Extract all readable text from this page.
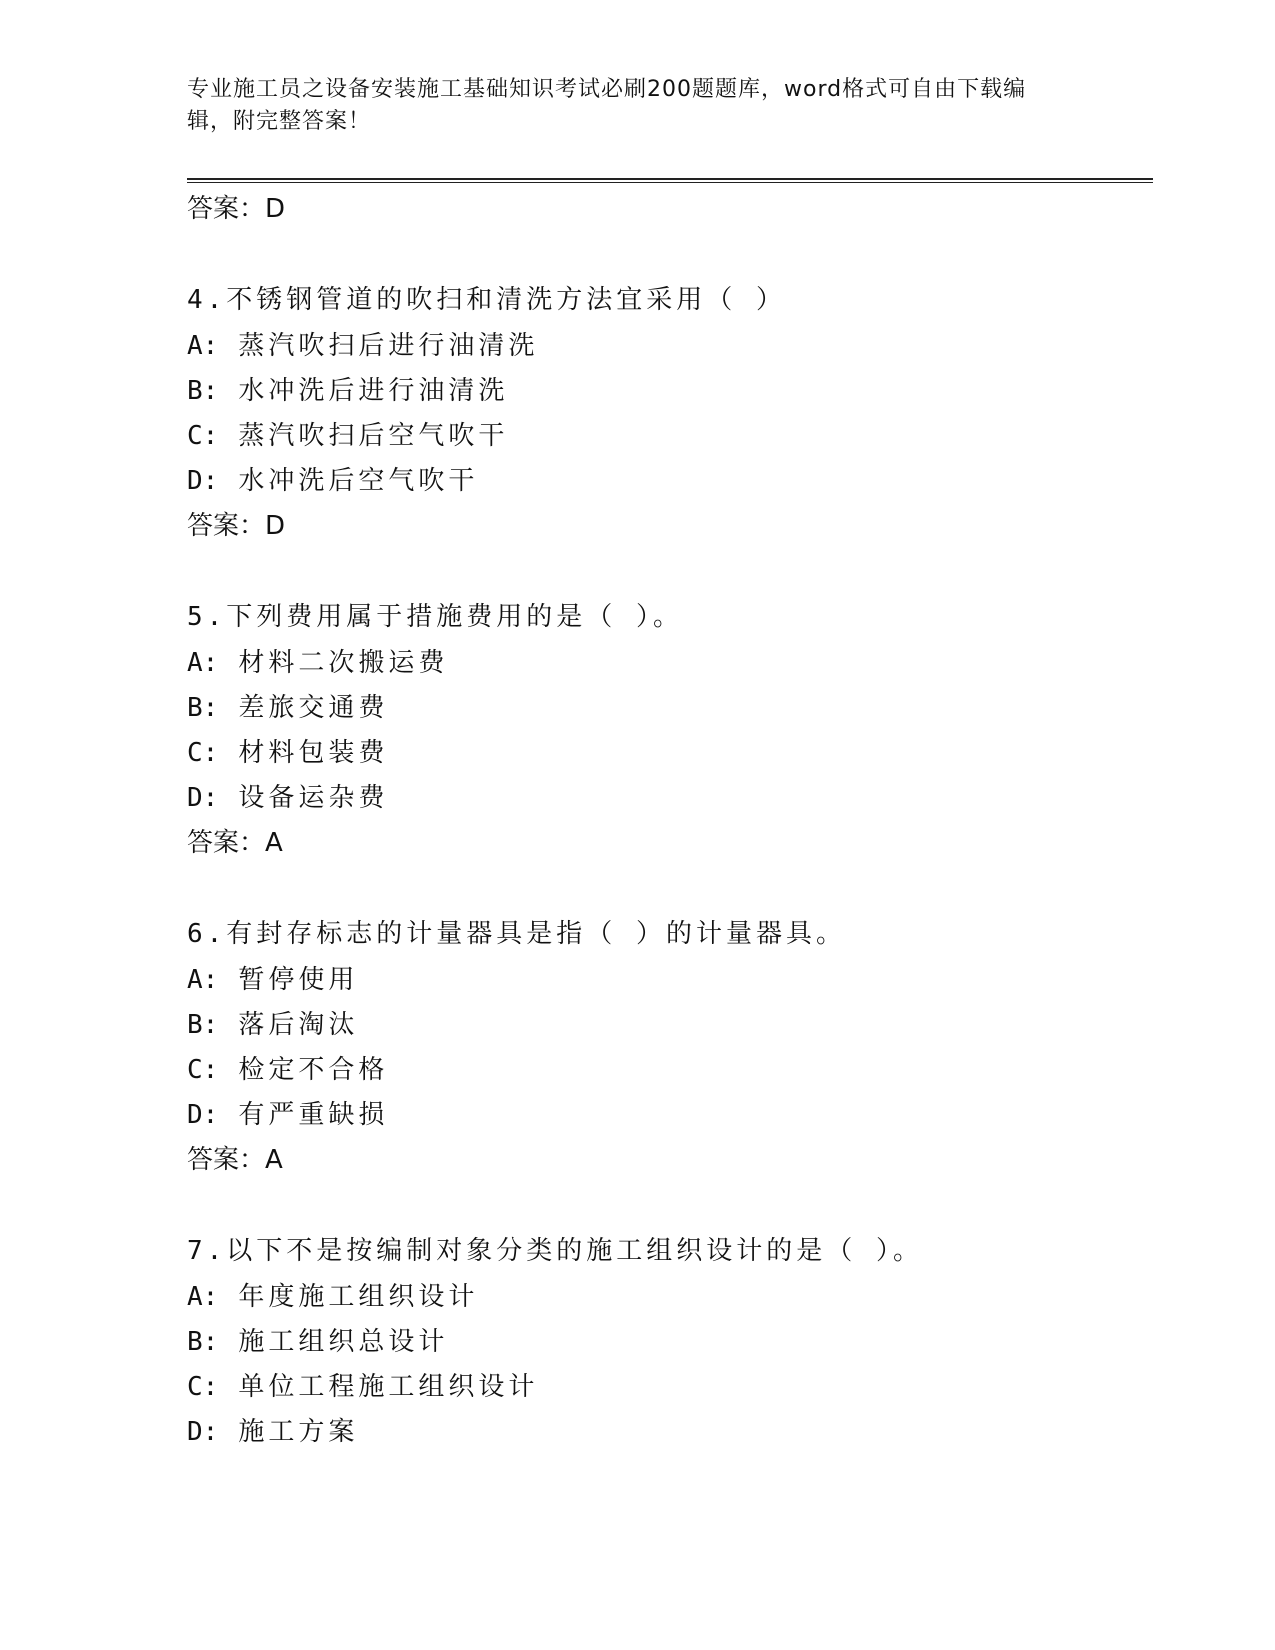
专业施工员之设备安装施工基础知识考试必刷200题题库，word格式可自由下载编辑，附完整答案！

答案：D

4.不锈钢管道的吹扫和清洗方法宜采用（ ）

A: 蒸汽吹扫后进行油清洗

B: 水冲洗后进行油清洗

C: 蒸汽吹扫后空气吹干

D: 水冲洗后空气吹干

答案：D

5.下列费用属于措施费用的是（ ）。

A: 材料二次搬运费

B: 差旅交通费

C: 材料包装费

D: 设备运杂费

答案：A

6.有封存标志的计量器具是指（ ）的计量器具。

A: 暂停使用

B: 落后淘汰

C: 检定不合格

D: 有严重缺损

答案：A

7.以下不是按编制对象分类的施工组织设计的是（ ）。

A: 年度施工组织设计

B: 施工组织总设计

C: 单位工程施工组织设计

D: 施工方案
